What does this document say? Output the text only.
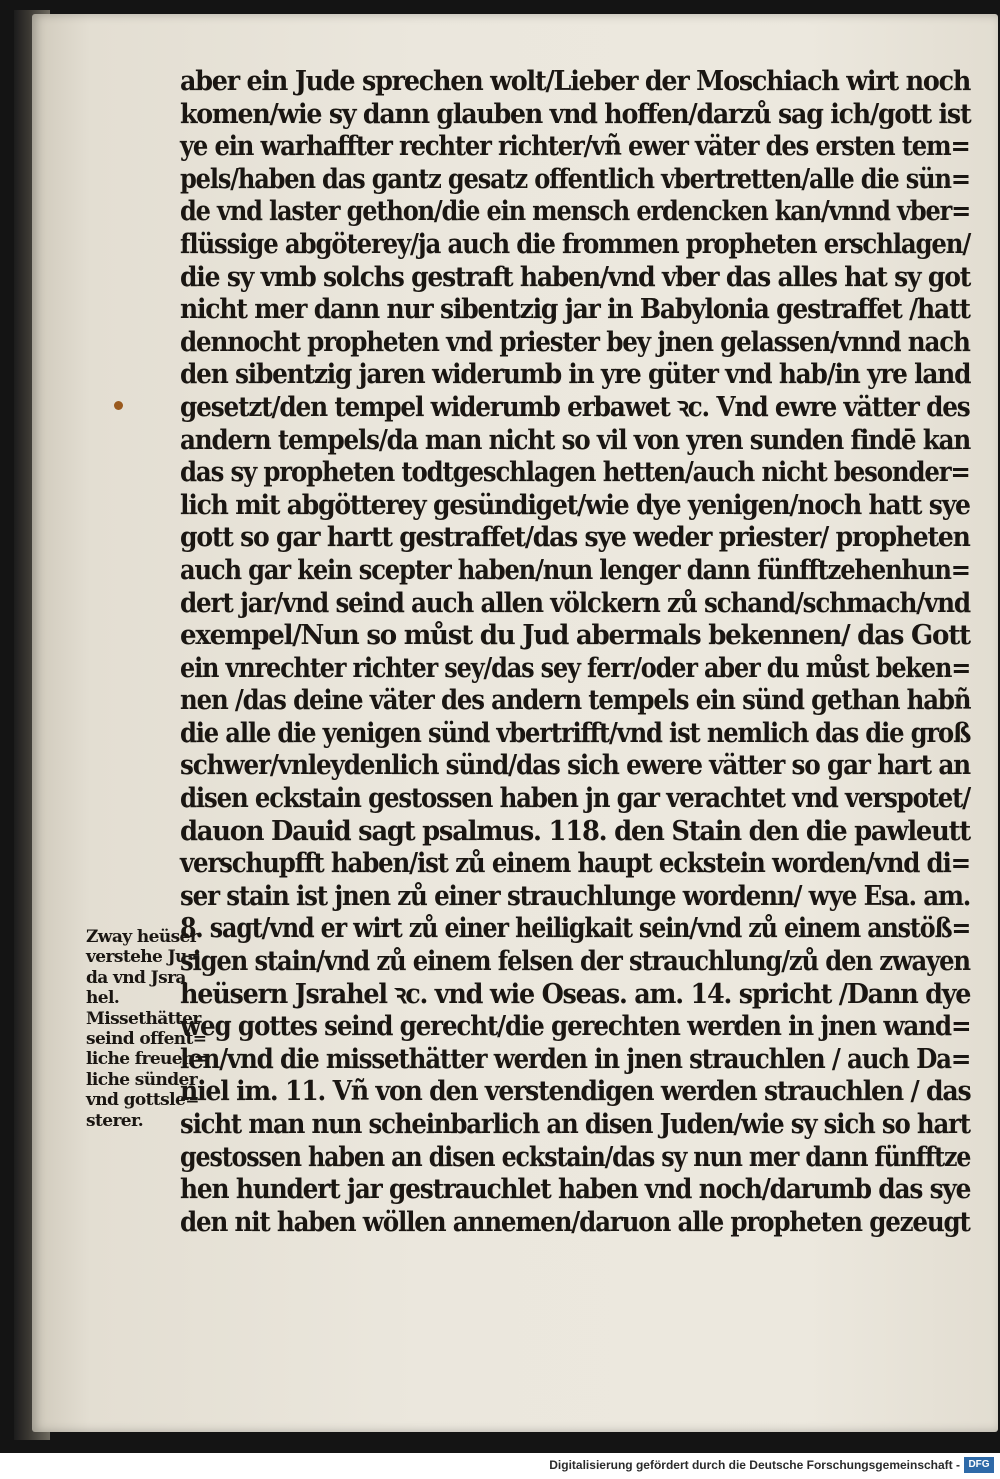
aber ein Jude sprechen wolt/Lieber der Moschiach wirt noch
komen/wie sy dann glauben vnd hoffen/darzů sag ich/gott ist
ye ein warhaffter rechter richter/vñ ewer väter des ersten tem=
pels/haben das gantz gesatz offentlich vbertretten/alle die sün=
de vnd laster gethon/die ein mensch erdencken kan/vnnd vber=
flüssige abgöterey/ja auch die frommen propheten erschlagen/
die sy vmb solchs gestraft haben/vnd vber das alles hat sy got
nicht mer dann nur sibentzig jar in Babylonia gestraffet /hatt
dennocht propheten vnd priester bey jnen gelassen/vnnd nach
den sibentzig jaren widerumb in yre güter vnd hab/in yre land
gesetzt/den tempel widerumb erbawet ꝛc. Vnd ewre vätter des
andern tempels/da man nicht so vil von yren sunden findē kan
das sy propheten todtgeschlagen hetten/auch nicht besonder=
lich mit abgötterey gesündiget/wie dye yenigen/noch hatt sye
gott so gar hartt gestraffet/das sye weder priester/ propheten
auch gar kein scepter haben/nun lenger dann fünfftzehenhun=
dert jar/vnd seind auch allen völckern zů schand/schmach/vnd
exempel/Nun so můst du Jud abermals bekennen/ das Gott
ein vnrechter richter sey/das sey ferr/oder aber du můst beken=
nen /das deine väter des andern tempels ein sünd gethan habñ
die alle die yenigen sünd vbertrifft/vnd ist nemlich das die groß
schwer/vnleydenlich sünd/das sich ewere vätter so gar hart an
disen eckstain gestossen haben jn gar verachtet vnd verspotet/
dauon Dauid sagt psalmus. 118. den Stain den die pawleutt
verschupfft haben/ist zů einem haupt eckstein worden/vnd di=
ser stain ist jnen zů einer strauchlunge wordenn/ wye Esa. am.
8. sagt/vnd er wirt zů einer heiligkait sein/vnd zů einem anstöß=
sigen stain/vnd zů einem felsen der strauchlung/zů den zwayen
heüsern Jsrahel ꝛc. vnd wie Oseas. am. 14. spricht /Dann dye
weg gottes seind gerecht/die gerechten werden in jnen wand=
len/vnd die missethätter werden in jnen strauchlen / auch Da=
niel im. 11. Vñ von den verstendigen werden strauchlen / das
sicht man nun scheinbarlich an disen Juden/wie sy sich so hart
gestossen haben an disen eckstain/das sy nun mer dann fünfftze
hen hundert jar gestrauchlet haben vnd noch/darumb das sye
den nit haben wöllen annemen/daruon alle propheten gezeugt
Zway heüser
verstehe Ju=
da vnd Jsra
hel.
Missethätter
seind offent=
liche freuen=
liche sünder
vnd gottsle=
sterer.
Digitalisierung gefördert durch die Deutsche Forschungsgemeinschaft - DFG
